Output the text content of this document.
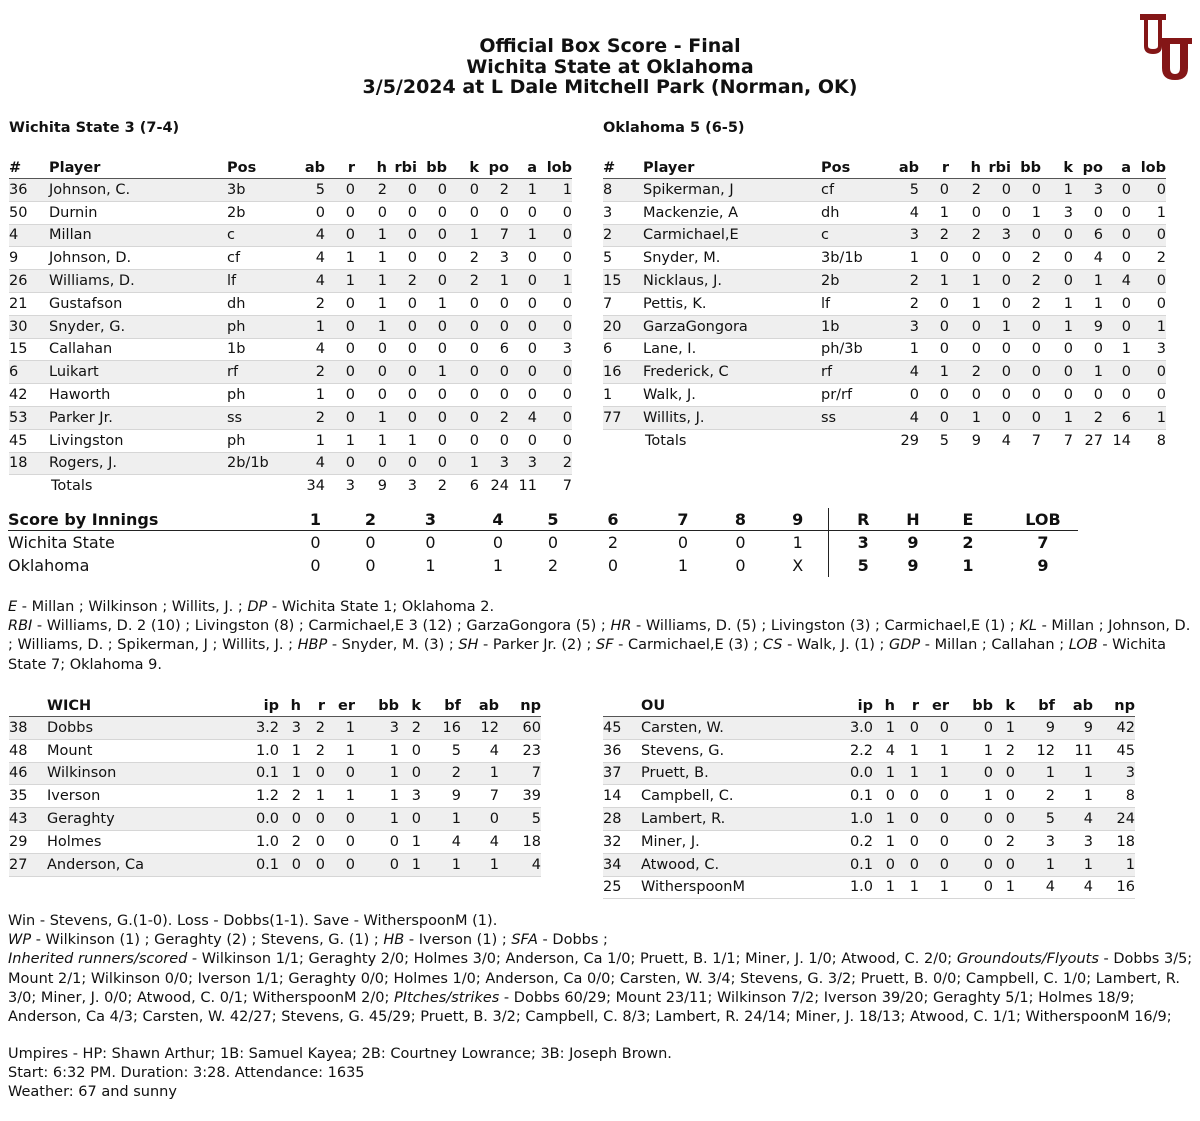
Official Box Score - Final
Wichita State at Oklahoma
3/5/2024 at L Dale Mitchell Park (Norman, OK)
Wichita State 3 (7-4)	Oklahoma 5 (6-5)
#	Player	Pos	ab	r	h	rbi	bb	k	po	a	lob
36	Johnson, C.	3b	5	0	2	0	0	0	2	1	1
50	Durnin	2b	0	0	0	0	0	0	0	0	0
4	Millan	c	4	0	1	0	0	1	7	1	0
9	Johnson, D.	cf	4	1	1	0	0	2	3	0	0
26	Williams, D.	lf	4	1	1	2	0	2	1	0	1
21	Gustafson	dh	2	0	1	0	1	0	0	0	0
30	Snyder, G.	ph	1	0	1	0	0	0	0	0	0
15	Callahan	1b	4	0	0	0	0	0	6	0	3
6	Luikart	rf	2	0	0	0	1	0	0	0	0
42	Haworth	ph	1	0	0	0	0	0	0	0	0
53	Parker Jr.	ss	2	0	1	0	0	0	2	4	0
45	Livingston	ph	1	1	1	1	0	0	0	0	0
18	Rogers, J.	2b/1b	4	0	0	0	0	1	3	3	2
	Totals		34	3	9	3	2	6	24	11	7
#	Player	Pos	ab	r	h	rbi	bb	k	po	a	lob
8	Spikerman, J	cf	5	0	2	0	0	1	3	0	0
3	Mackenzie, A	dh	4	1	0	0	1	3	0	0	1
2	Carmichael,E	c	3	2	2	3	0	0	6	0	0
5	Snyder, M.	3b/1b	1	0	0	0	2	0	4	0	2
15	Nicklaus, J.	2b	2	1	1	0	2	0	1	4	0
7	Pettis, K.	lf	2	0	1	0	2	1	1	0	0
20	GarzaGongora	1b	3	0	0	1	0	1	9	0	1
6	Lane, I.	ph/3b	1	0	0	0	0	0	0	1	3
16	Frederick, C	rf	4	1	2	0	0	0	1	0	0
1	Walk, J.	pr/rf	0	0	0	0	0	0	0	0	0
77	Willits, J.	ss	4	0	1	0	0	1	2	6	1
	Totals		29	5	9	4	7	7	27	14	8
Score by Innings	1	2	3	4	5	6	7	8	9	R	H	E	LOB
Wichita State	0	0	0	0	0	2	0	0	1	3	9	2	7
Oklahoma	0	0	1	1	2	0	1	0	X	5	9	1	9
E - Millan ; Wilkinson ; Willits, J. ; DP - Wichita State 1; Oklahoma 2.
RBI - Williams, D. 2 (10) ; Livingston (8) ; Carmichael,E 3 (12) ; GarzaGongora (5) ; HR - Williams, D. (5) ; Livingston (3) ; Carmichael,E (1) ; KL - Millan ; Johnson, D. ; Williams, D. ; Spikerman, J ; Willits, J. ; HBP - Snyder, M. (3) ; SH - Parker Jr. (2) ; SF - Carmichael,E (3) ; CS - Walk, J. (1) ; GDP - Millan ; Callahan ; LOB - Wichita State 7; Oklahoma 9.
	WICH	ip	h	r	er	bb	k	bf	ab	np
38	Dobbs	3.2	3	2	1	3	2	16	12	60
48	Mount	1.0	1	2	1	1	0	5	4	23
46	Wilkinson	0.1	1	0	0	1	0	2	1	7
35	Iverson	1.2	2	1	1	1	3	9	7	39
43	Geraghty	0.0	0	0	0	1	0	1	0	5
29	Holmes	1.0	2	0	0	0	1	4	4	18
27	Anderson, Ca	0.1	0	0	0	0	1	1	1	4
	OU	ip	h	r	er	bb	k	bf	ab	np
45	Carsten, W.	3.0	1	0	0	0	1	9	9	42
36	Stevens, G.	2.2	4	1	1	1	2	12	11	45
37	Pruett, B.	0.0	1	1	1	0	0	1	1	3
14	Campbell, C.	0.1	0	0	0	1	0	2	1	8
28	Lambert, R.	1.0	1	0	0	0	0	5	4	24
32	Miner, J.	0.2	1	0	0	0	2	3	3	18
34	Atwood, C.	0.1	0	0	0	0	0	1	1	1
25	WitherspoonM	1.0	1	1	1	0	1	4	4	16
Win - Stevens, G.(1-0). Loss - Dobbs(1-1). Save - WitherspoonM (1).
WP - Wilkinson (1) ; Geraghty (2) ; Stevens, G. (1) ; HB - Iverson (1) ; SFA - Dobbs ;
Inherited runners/scored - Wilkinson 1/1; Geraghty 2/0; Holmes 3/0; Anderson, Ca 1/0; Pruett, B. 1/1; Miner, J. 1/0; Atwood, C. 2/0; Groundouts/Flyouts - Dobbs 3/5; Mount 2/1; Wilkinson 0/0; Iverson 1/1; Geraghty 0/0; Holmes 1/0; Anderson, Ca 0/0; Carsten, W. 3/4; Stevens, G. 3/2; Pruett, B. 0/0; Campbell, C. 1/0; Lambert, R. 3/0; Miner, J. 0/0; Atwood, C. 0/1; WitherspoonM 2/0; PItches/strikes - Dobbs 60/29; Mount 23/11; Wilkinson 7/2; Iverson 39/20; Geraghty 5/1; Holmes 18/9; Anderson, Ca 4/3; Carsten, W. 42/27; Stevens, G. 45/29; Pruett, B. 3/2; Campbell, C. 8/3; Lambert, R. 24/14; Miner, J. 18/13; Atwood, C. 1/1; WitherspoonM 16/9;
Umpires - HP: Shawn Arthur; 1B: Samuel Kayea; 2B: Courtney Lowrance; 3B: Joseph Brown.
Start: 6:32 PM. Duration: 3:28. Attendance: 1635
Weather: 67 and sunny
